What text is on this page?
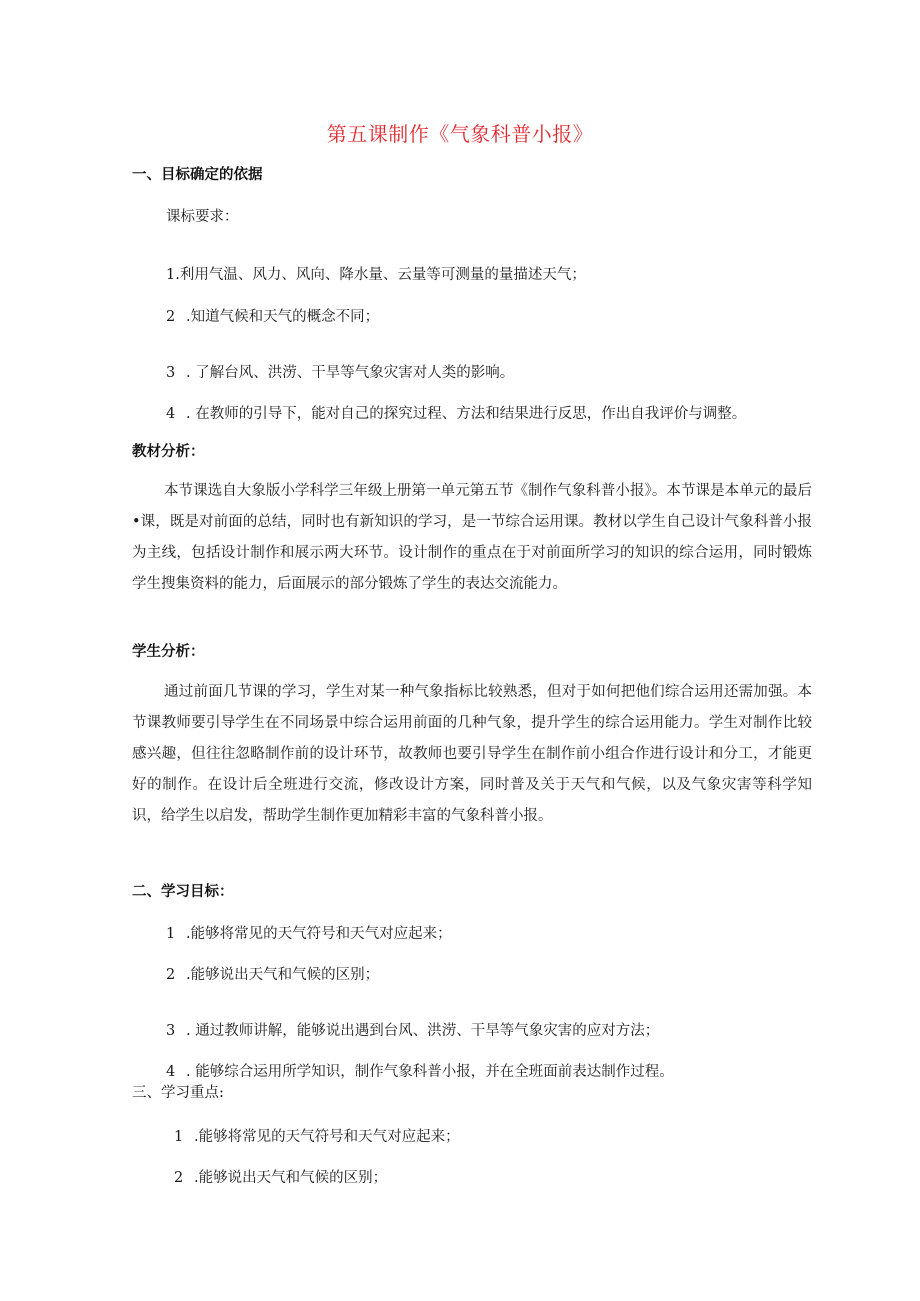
第五课制作《气象科普小报》
一、目标确定的依据
课标要求：
1.利用气温、风力、风向、降水量、云量等可测量的量描述天气；
2 .知道气候和天气的概念不同；
3 . 了解台风、洪涝、干旱等气象灾害对人类的影响。
4 . 在教师的引导下，能对自己的探究过程、方法和结果进行反思，作出自我评价与调整。
教材分析：
本节课选自大象版小学科学三年级上册第一单元第五节《制作气象科普小报》。本节课是本单元的最后•课，既是对前面的总结，同时也有新知识的学习，是一节综合运用课。教材以学生自己设计气象科普小报为主线，包括设计制作和展示两大环节。设计制作的重点在于对前面所学习的知识的综合运用，同时锻炼学生搜集资料的能力，后面展示的部分锻炼了学生的表达交流能力。
学生分析：
通过前面几节课的学习，学生对某一种气象指标比较熟悉，但对于如何把他们综合运用还需加强。本节课教师要引导学生在不同场景中综合运用前面的几种气象，提升学生的综合运用能力。学生对制作比较感兴趣，但往往忽略制作前的设计环节，故教师也要引导学生在制作前小组合作进行设计和分工，才能更好的制作。在设计后全班进行交流，修改设计方案，同时普及关于天气和气候，以及气象灾害等科学知识，给学生以启发，帮助学生制作更加精彩丰富的气象科普小报。
二、学习目标：
1 .能够将常见的天气符号和天气对应起来；
2 .能够说出天气和气候的区别；
3 . 通过教师讲解，能够说出遇到台风、洪涝、干旱等气象灾害的应对方法；
4 . 能够综合运用所学知识，制作气象科普小报，并在全班面前表达制作过程。
三、学习重点:
1 .能够将常见的天气符号和天气对应起来；
2 .能够说出天气和气候的区别；
